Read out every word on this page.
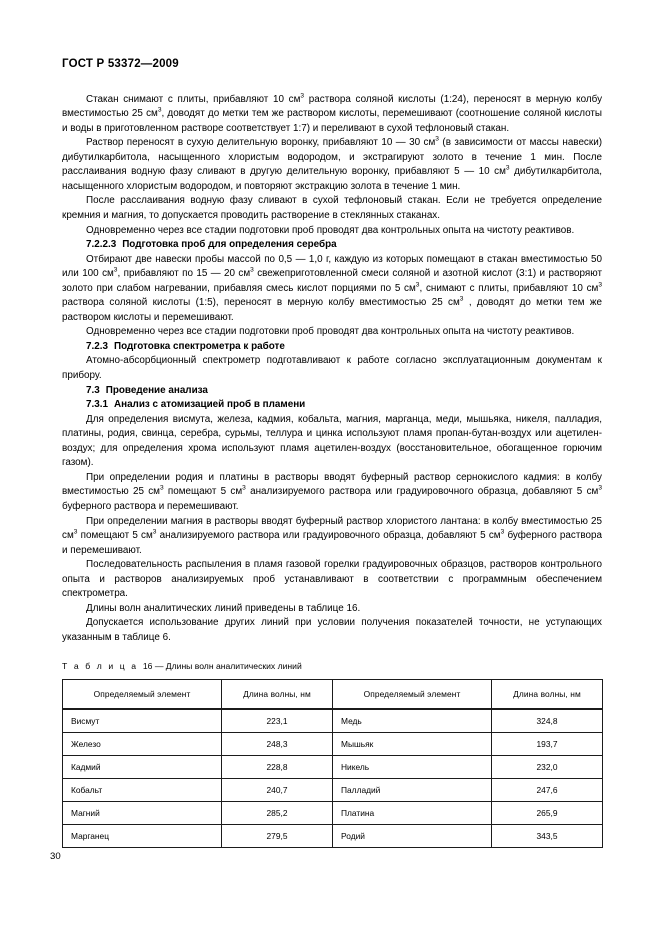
ГОСТ Р 53372—2009

Стакан снимают с плиты, прибавляют 10 $см^3$ раствора соляной кислоты (1:24), переносят в мерную колбу вместимостью 25 $см^3$, доводят до метки тем же раствором кислоты, перемешивают (соотношение соляной кислоты и воды в приготовленном растворе соответствует 1:7) и переливают в сухой тефлоновый стакан.

Раствор переносят в сухую делительную воронку, прибавляют 10 — 30 $см^3$ (в зависимости от массы навески) дибутилкарбитола, насыщенного хлористым водородом, и экстрагируют золото в течение 1 мин. После расслаивания водную фазу сливают в другую делительную воронку, прибавляют 5 — 10 $см^3$ дибутилкарбитола, насыщенного хлористым водородом, и повторяют экстракцию золота в течение 1 мин.

После расслаивания водную фазу сливают в сухой тефлоновый стакан. Если не требуется определение кремния и магния, то допускается проводить растворение в стеклянных стаканах.

Одновременно через все стадии подготовки проб проводят два контрольных опыта на чистоту реактивов.

7.2.2.3 Подготовка проб для определения серебра

Отбирают две навески пробы массой по 0,5 — 1,0 г, каждую из которых помещают в стакан вместимостью 50 или 100 $см^3$, прибавляют по 15 — 20 $см^3$ свежеприготовленной смеси соляной и азотной кислот (3:1) и растворяют золото при слабом нагревании, прибавляя смесь кислот порциями по 5 $см^3$, снимают с плиты, прибавляют 10 $см^3$ раствора соляной кислоты (1:5), переносят в мерную колбу вместимостью 25 $см^3$ , доводят до метки тем же раствором кислоты и перемешивают.

Одновременно через все стадии подготовки проб проводят два контрольных опыта на чистоту реактивов.

7.2.3 Подготовка спектрометра к работе

Атомно-абсорбционный спектрометр подготавливают к работе согласно эксплуатационным документам к прибору.

7.3 Проведение анализа
7.3.1 Анализ с атомизацией проб в пламени

Для определения висмута, железа, кадмия, кобальта, магния, марганца, меди, мышьяка, никеля, палладия, платины, родия, свинца, серебра, сурьмы, теллура и цинка используют пламя пропан-бутан-воздух или ацетилен-воздух; для определения хрома используют пламя ацетилен-воздух (восстановительное, обогащенное горючим газом).

При определении родия и платины в растворы вводят буферный раствор сернокислого кадмия: в колбу вместимостью 25 $см^3$ помещают 5 $см^3$ анализируемого раствора или градуировочного образца, добавляют 5 $см^3$ буферного раствора и перемешивают.

При определении магния в растворы вводят буферный раствор хлористого лантана: в колбу вместимостью 25 $см^3$ помещают 5 $см^3$ анализируемого раствора или градуировочного образца, добавляют 5 $см^3$ буферного раствора и перемешивают.

Последовательность распыления в пламя газовой горелки градуировочных образцов, растворов контрольного опыта и растворов анализируемых проб устанавливают в соответствии с программным обеспечением спектрометра.

Длины волн аналитических линий приведены в таблице 16.

Допускается использование других линий при условии получения показателей точности, не уступающих указанным в таблице 6.

Т а б л и ц а 16 — Длины волн аналитических линий

Определяемый элемент	Длина волны, нм	Определяемый элемент	Длина волны, нм
Висмут	223,1	Медь	324,8
Железо	248,3	Мышьяк	193,7
Кадмий	228,8	Никель	232,0
Кобальт	240,7	Палладий	247,6
Магний	285,2	Платина	265,9
Марганец	279,5	Родий	343,5
30
